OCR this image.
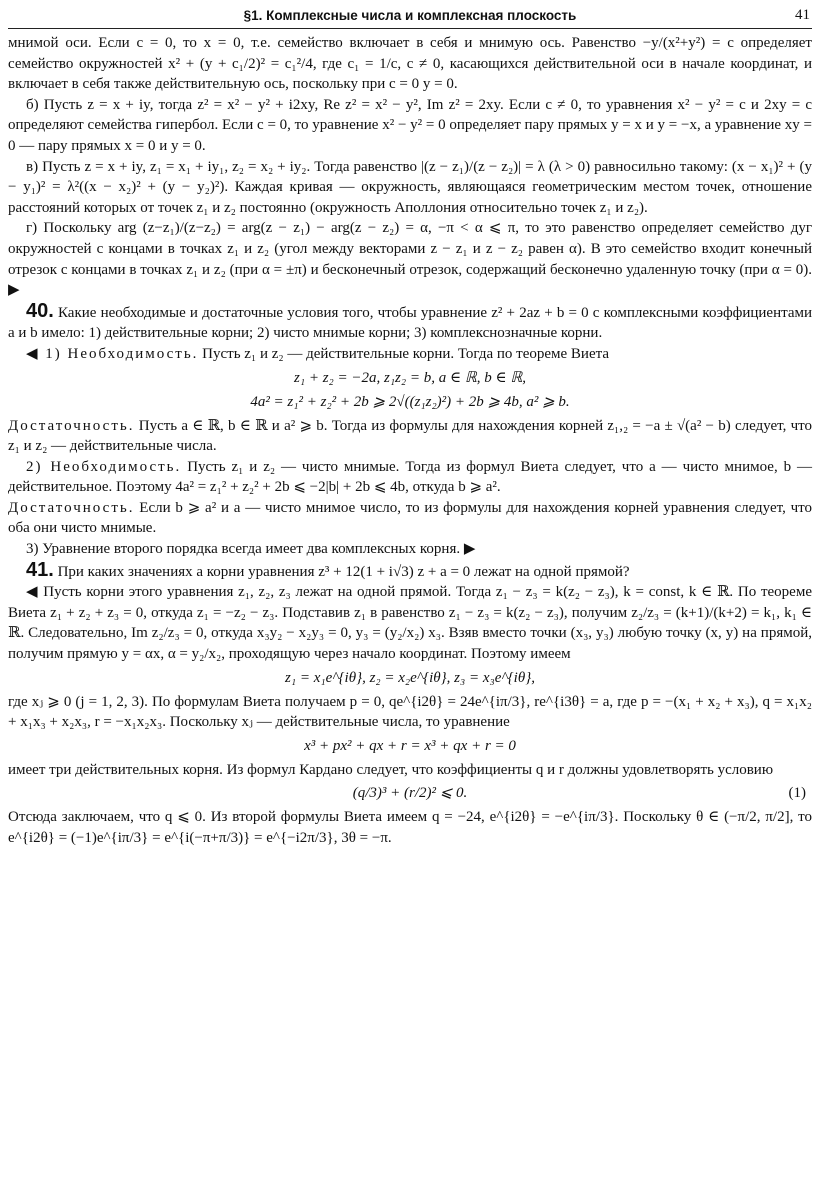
§1. Комплексные числа и комплексная плоскость	41

мнимой оси. Если c = 0, то x = 0, т.е. семейство включает в себя и мнимую ось. Равенство −y/(x²+y²) = c определяет семейство окружностей x² + (y + c₁/2)² = c₁²/4, где c₁ = 1/c, c ≠ 0, касающихся действительной оси в начале координат, и включает в себя также действительную ось, поскольку при c = 0 y = 0.

б) Пусть z = x + iy, тогда z² = x² − y² + i2xy, Re z² = x² − y², Im z² = 2xy. Если c ≠ 0, то уравнения x² − y² = c и 2xy = c определяют семейства гипербол. Если c = 0, то уравнение x² − y² = 0 определяет пару прямых y = x и y = −x, а уравнение xy = 0 — пару прямых x = 0 и y = 0.

в) Пусть z = x + iy, z₁ = x₁ + iy₁, z₂ = x₂ + iy₂. Тогда равенство |(z − z₁)/(z − z₂)| = λ (λ > 0) равносильно такому: (x − x₁)² + (y − y₁)² = λ²((x − x₂)² + (y − y₂)²). Каждая кривая — окружность, являющаяся геометрическим местом точек, отношение расстояний которых от точек z₁ и z₂ постоянно (окружность Аполлония относительно точек z₁ и z₂).

г) Поскольку arg (z−z₁)/(z−z₂) = arg(z − z₁) − arg(z − z₂) = α, −π < α ⩽ π, то это равенство определяет семейство дуг окружностей с концами в точках z₁ и z₂ (угол между векторами z − z₁ и z − z₂ равен α). В это семейство входит конечный отрезок с концами в точках z₁ и z₂ (при α = ±π) и бесконечный отрезок, содержащий бесконечно удаленную точку (при α = 0). ▶

40. Какие необходимые и достаточные условия того, чтобы уравнение z² + 2az + b = 0 с комплексными коэффициентами a и b имело: 1) действительные корни; 2) чисто мнимые корни; 3) комплекснозначные корни.

◀ 1) Необходимость. Пусть z₁ и z₂ — действительные корни. Тогда по теореме Виета

z₁ + z₂ = −2a, z₁z₂ = b, a ∈ ℝ, b ∈ ℝ,
4a² = z₁² + z₂² + 2b ⩾ 2√((z₁z₂)²) + 2b ⩾ 4b, a² ⩾ b.

Достаточность. Пусть a ∈ ℝ, b ∈ ℝ и a² ⩾ b. Тогда из формулы для нахождения корней z₁,₂ = −a ± √(a² − b) следует, что z₁ и z₂ — действительные числа.

2) Необходимость. Пусть z₁ и z₂ — чисто мнимые. Тогда из формул Виета следует, что a — чисто мнимое, b — действительное. Поэтому 4a² = z₁² + z₂² + 2b ⩽ −2|b| + 2b ⩽ 4b, откуда b ⩾ a².

Достаточность. Если b ⩾ a² и a — чисто мнимое число, то из формулы для нахождения корней уравнения следует, что оба они чисто мнимые.

3) Уравнение второго порядка всегда имеет два комплексных корня. ▶

41. При каких значениях a корни уравнения z³ + 12(1 + i√3) z + a = 0 лежат на одной прямой?

◀ Пусть корни этого уравнения z₁, z₂, z₃ лежат на одной прямой. Тогда z₁ − z₃ = k(z₂ − z₃), k = const, k ∈ ℝ. По теореме Виета z₁ + z₂ + z₃ = 0, откуда z₁ = −z₂ − z₃. Подставив z₁ в равенство z₁ − z₃ = k(z₂ − z₃), получим z₂/z₃ = (k+1)/(k+2) = k₁, k₁ ∈ ℝ. Следовательно, Im z₂/z₃ = 0, откуда x₃y₂ − x₂y₃ = 0, y₃ = (y₂/x₂) x₃. Взяв вместо точки (x₃, y₃) любую точку (x, y) на прямой, получим прямую y = αx, α = y₂/x₂, проходящую через начало координат. Поэтому имеем

z₁ = x₁e^{iθ}, z₂ = x₂e^{iθ}, z₃ = x₃e^{iθ},

где xⱼ ⩾ 0 (j = 1, 2, 3). По формулам Виета получаем p = 0, qe^{i2θ} = 24e^{iπ/3}, re^{i3θ} = a, где p = −(x₁ + x₂ + x₃), q = x₁x₂ + x₁x₃ + x₂x₃, r = −x₁x₂x₃. Поскольку xⱼ — действительные числа, то уравнение

x³ + px² + qx + r = x³ + qx + r = 0

имеет три действительных корня. Из формул Кардано следует, что коэффициенты q и r должны удовлетворять условию

(q/3)³ + (r/2)² ⩽ 0.	(1)

Отсюда заключаем, что q ⩽ 0. Из второй формулы Виета имеем q = −24, e^{i2θ} = −e^{iπ/3}. Поскольку θ ∈ (−π/2, π/2], то e^{i2θ} = (−1)e^{iπ/3} = e^{i(−π+π/3)} = e^{−i2π/3}, 3θ = −π.
